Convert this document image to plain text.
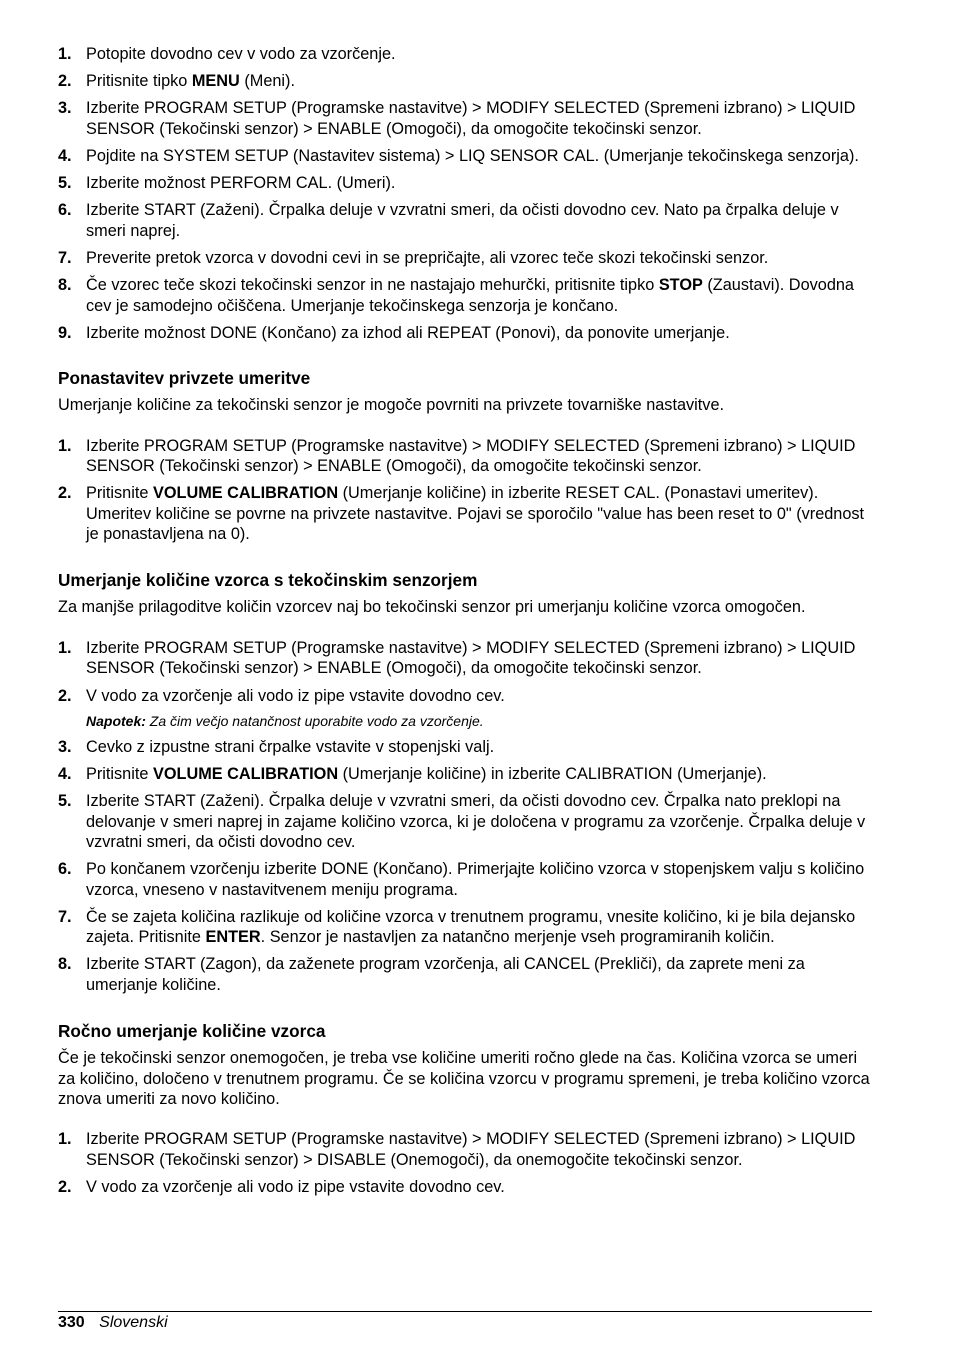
1. Potopite dovodno cev v vodo za vzorčenje.
2. Pritisnite tipko MENU (Meni).
3. Izberite PROGRAM SETUP (Programske nastavitve) > MODIFY SELECTED (Spremeni izbrano) > LIQUID SENSOR (Tekočinski senzor) > ENABLE (Omogoči), da omogočite tekočinski senzor.
4. Pojdite na SYSTEM SETUP (Nastavitev sistema) > LIQ SENSOR CAL. (Umerjanje tekočinskega senzorja).
5. Izberite možnost PERFORM CAL. (Umeri).
6. Izberite START (Zaženi). Črpalka deluje v vzvratni smeri, da očisti dovodno cev. Nato pa črpalka deluje v smeri naprej.
7. Preverite pretok vzorca v dovodni cevi in se prepričajte, ali vzorec teče skozi tekočinski senzor.
8. Če vzorec teče skozi tekočinski senzor in ne nastajajo mehurčki, pritisnite tipko STOP (Zaustavi). Dovodna cev je samodejno očiščena. Umerjanje tekočinskega senzorja je končano.
9. Izberite možnost DONE (Končano) za izhod ali REPEAT (Ponovi), da ponovite umerjanje.
Ponastavitev privzete umeritve

Umerjanje količine za tekočinski senzor je mogoče povrniti na privzete tovarniške nastavitve.

1. Izberite PROGRAM SETUP (Programske nastavitve) > MODIFY SELECTED (Spremeni izbrano) > LIQUID SENSOR (Tekočinski senzor) > ENABLE (Omogoči), da omogočite tekočinski senzor.
2. Pritisnite VOLUME CALIBRATION (Umerjanje količine) in izberite RESET CAL. (Ponastavi umeritev). Umeritev količine se povrne na privzete nastavitve. Pojavi se sporočilo "value has been reset to 0" (vrednost je ponastavljena na 0).
Umerjanje količine vzorca s tekočinskim senzorjem

Za manjše prilagoditve količin vzorcev naj bo tekočinski senzor pri umerjanju količine vzorca omogočen.

1. Izberite PROGRAM SETUP (Programske nastavitve) > MODIFY SELECTED (Spremeni izbrano) > LIQUID SENSOR (Tekočinski senzor) > ENABLE (Omogoči), da omogočite tekočinski senzor.
2. V vodo za vzorčenje ali vodo iz pipe vstavite dovodno cev.
Napotek: Za čim večjo natančnost uporabite vodo za vzorčenje.
3. Cevko z izpustne strani črpalke vstavite v stopenjski valj.
4. Pritisnite VOLUME CALIBRATION (Umerjanje količine) in izberite CALIBRATION (Umerjanje).
5. Izberite START (Zaženi). Črpalka deluje v vzvratni smeri, da očisti dovodno cev. Črpalka nato preklopi na delovanje v smeri naprej in zajame količino vzorca, ki je določena v programu za vzorčenje. Črpalka deluje v vzvratni smeri, da očisti dovodno cev.
6. Po končanem vzorčenju izberite DONE (Končano). Primerjajte količino vzorca v stopenjskem valju s količino vzorca, vneseno v nastavitvenem meniju programa.
7. Če se zajeta količina razlikuje od količine vzorca v trenutnem programu, vnesite količino, ki je bila dejansko zajeta. Pritisnite ENTER. Senzor je nastavljen za natančno merjenje vseh programiranih količin.
8. Izberite START (Zagon), da zaženete program vzorčenja, ali CANCEL (Prekliči), da zaprete meni za umerjanje količine.
Ročno umerjanje količine vzorca

Če je tekočinski senzor onemogočen, je treba vse količine umeriti ročno glede na čas. Količina vzorca se umeri za količino, določeno v trenutnem programu. Če se količina vzorcu v programu spremeni, je treba količino vzorca znova umeriti za novo količino.

1. Izberite PROGRAM SETUP (Programske nastavitve) > MODIFY SELECTED (Spremeni izbrano) > LIQUID SENSOR (Tekočinski senzor) > DISABLE (Onemogoči), da onemogočite tekočinski senzor.
2. V vodo za vzorčenje ali vodo iz pipe vstavite dovodno cev.
330 Slovenski
